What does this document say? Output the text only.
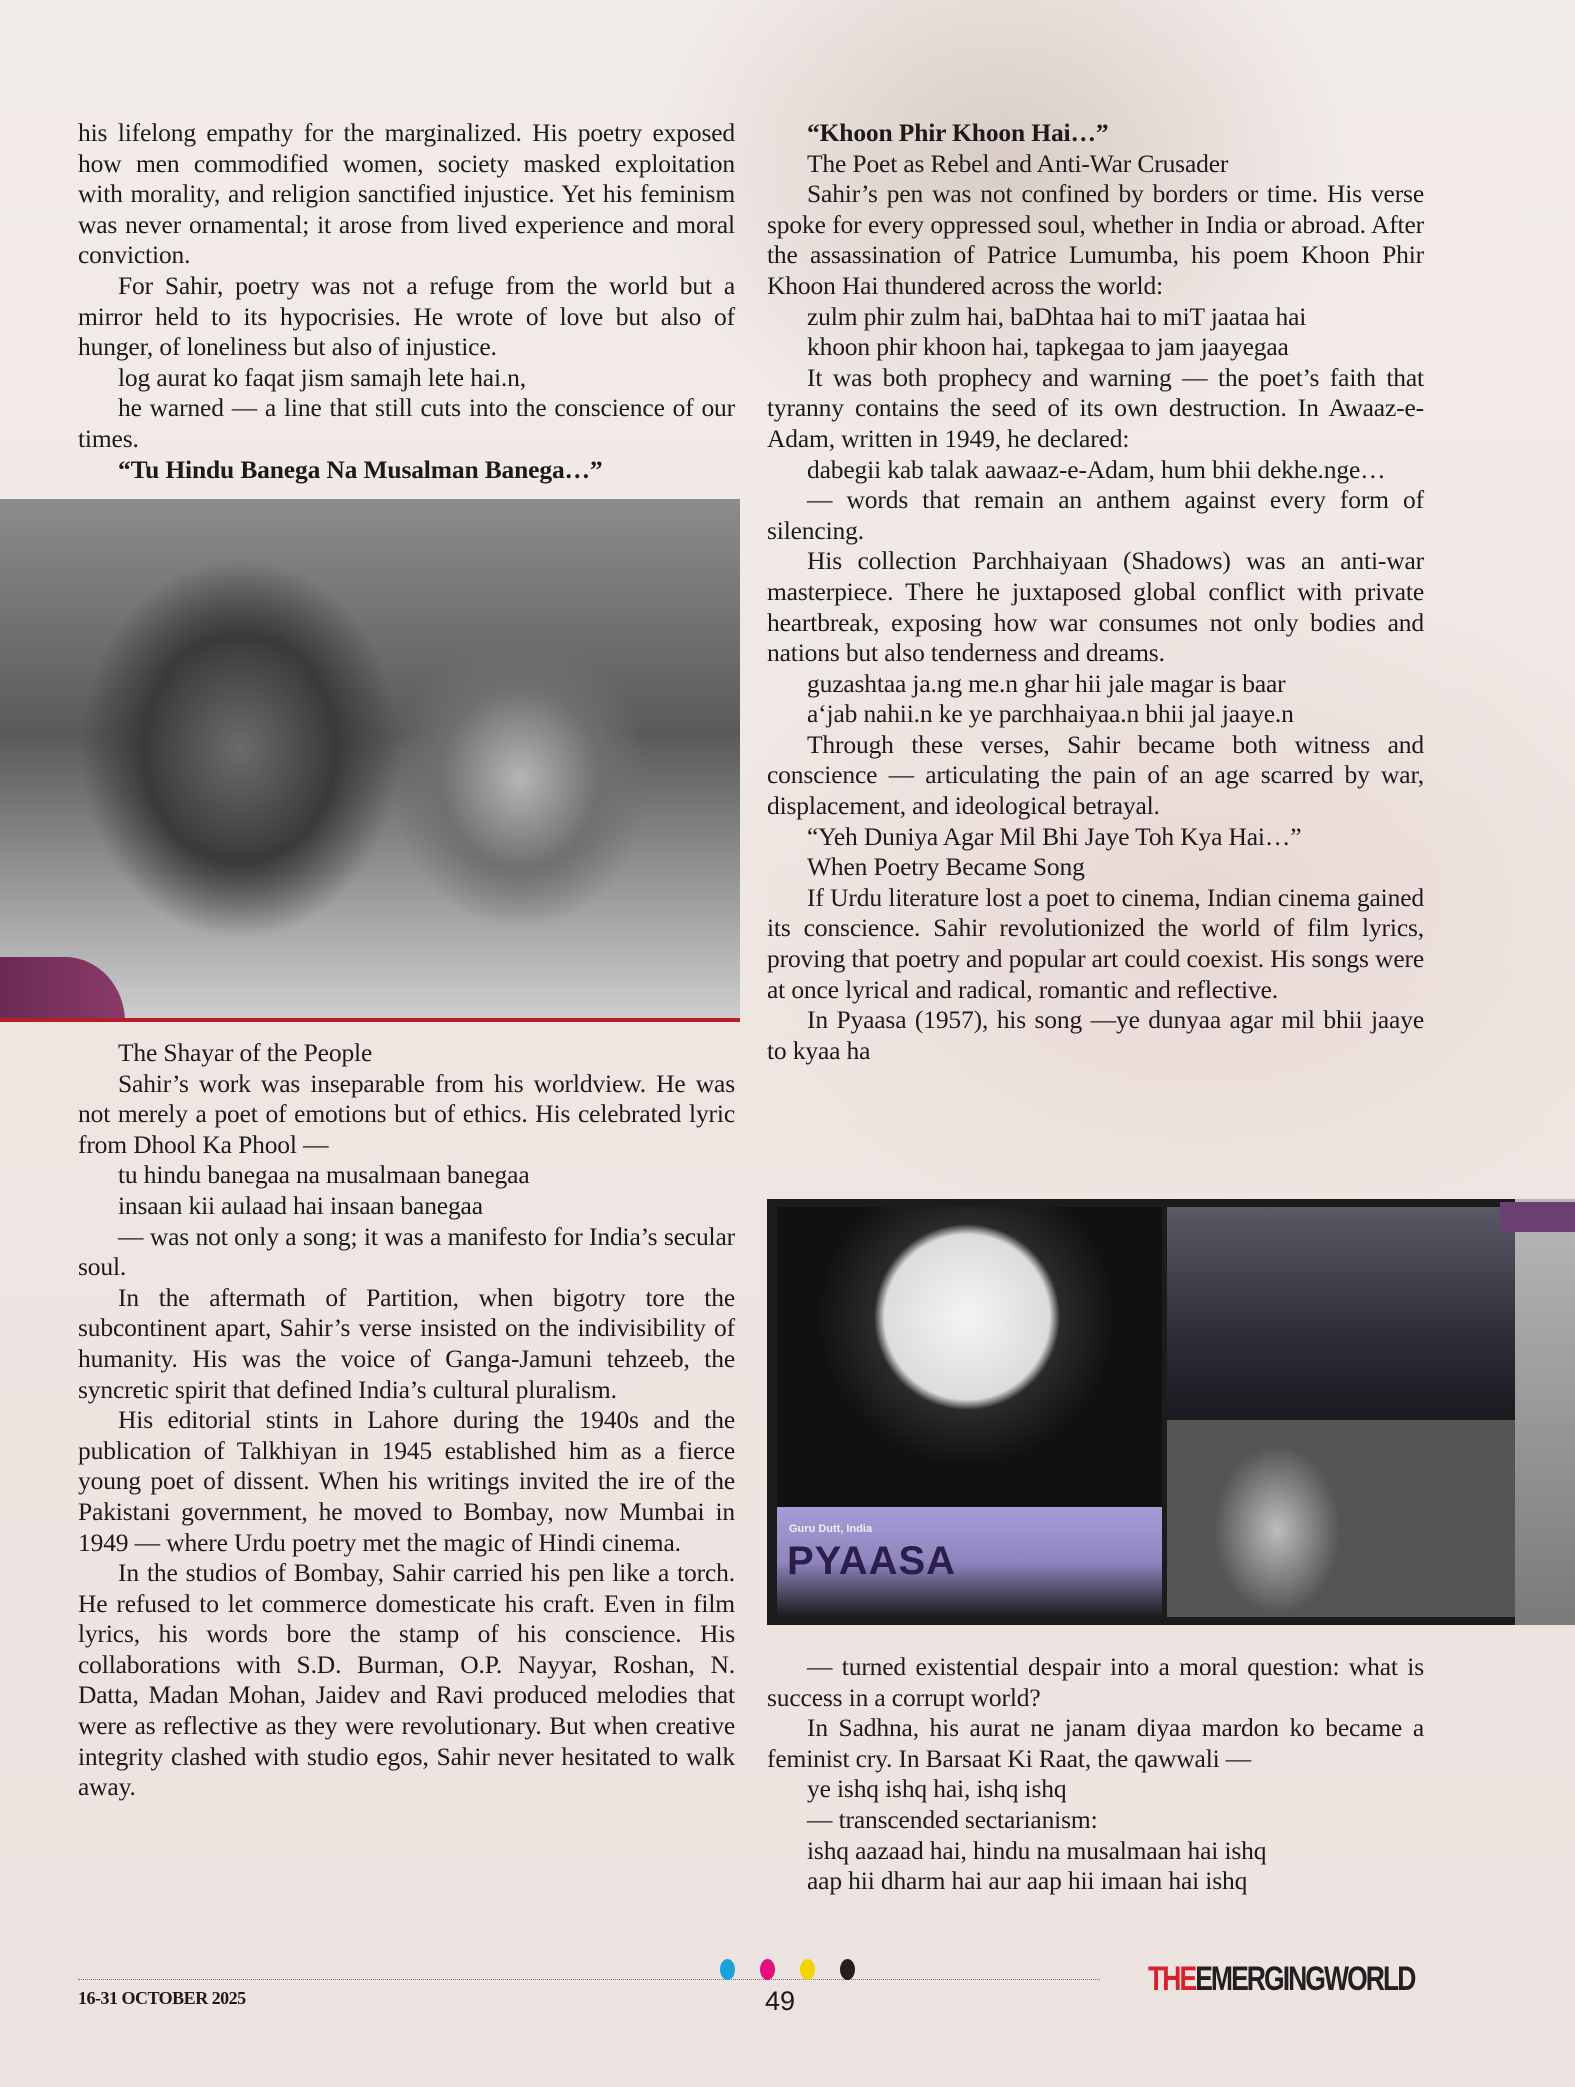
his lifelong empathy for the marginalized. His poetry exposed how men commodified women, society masked exploitation with morality, and religion sanctified injustice. Yet his feminism was never ornamental; it arose from lived experience and moral conviction.
For Sahir, poetry was not a refuge from the world but a mirror held to its hypocrisies. He wrote of love but also of hunger, of loneliness but also of injustice.
log aurat ko faqat jism samajh lete hai.n,
he warned — a line that still cuts into the conscience of our times.
“Tu Hindu Banega Na Musalman Banega…”
The Shayar of the People
Sahir’s work was inseparable from his worldview. He was not merely a poet of emotions but of ethics. His celebrated lyric from Dhool Ka Phool —
tu hindu banegaa na musalmaan banegaa
insaan kii aulaad hai insaan banegaa
— was not only a song; it was a manifesto for India’s secular soul.
In the aftermath of Partition, when bigotry tore the subcontinent apart, Sahir’s verse insisted on the indivisibility of humanity. His was the voice of Ganga-Jamuni tehzeeb, the syncretic spirit that defined India’s cultural pluralism.
His editorial stints in Lahore during the 1940s and the publication of Talkhiyan in 1945 established him as a fierce young poet of dissent. When his writings invited the ire of the Pakistani government, he moved to Bombay, now Mumbai in 1949 — where Urdu poetry met the magic of Hindi cinema.
In the studios of Bombay, Sahir carried his pen like a torch. He refused to let commerce domesticate his craft. Even in film lyrics, his words bore the stamp of his conscience. His collaborations with S.D. Burman, O.P. Nayyar, Roshan, N. Datta, Madan Mohan, Jaidev and Ravi produced melodies that were as reflective as they were revolutionary. But when creative integrity clashed with studio egos, Sahir never hesitated to walk away.
“Khoon Phir Khoon Hai…”
The Poet as Rebel and Anti-War Crusader
Sahir’s pen was not confined by borders or time. His verse spoke for every oppressed soul, whether in India or abroad. After the assassination of Patrice Lumumba, his poem Khoon Phir Khoon Hai thundered across the world:
zulm phir zulm hai, baDhtaa hai to miT jaataa hai
khoon phir khoon hai, tapkegaa to jam jaayegaa
It was both prophecy and warning — the poet’s faith that tyranny contains the seed of its own destruction. In Awaaz-e-Adam, written in 1949, he declared:
dabegii kab talak aawaaz-e-Adam, hum bhii dekhe.nge…
— words that remain an anthem against every form of silencing.
His collection Parchhaiyaan (Shadows) was an anti-war masterpiece. There he juxtaposed global conflict with private heartbreak, exposing how war consumes not only bodies and nations but also tenderness and dreams.
guzashtaa ja.ng me.n ghar hii jale magar is baar
a‘jab nahii.n ke ye parchhaiyaa.n bhii jal jaaye.n
Through these verses, Sahir became both witness and conscience — articulating the pain of an age scarred by war, displacement, and ideological betrayal.
“Yeh Duniya Agar Mil Bhi Jaye Toh Kya Hai…”
When Poetry Became Song
If Urdu literature lost a poet to cinema, Indian cinema gained its conscience. Sahir revolutionized the world of film lyrics, proving that poetry and popular art could coexist. His songs were at once lyrical and radical, romantic and reflective.
In Pyaasa (1957), his song —ye dunyaa agar mil bhii jaaye to kyaa ha
Guru Dutt, India
PYAASA
— turned existential despair into a moral question: what is success in a corrupt world?
In Sadhna, his aurat ne janam diyaa mardon ko became a feminist cry. In Barsaat Ki Raat, the qawwali —
ye ishq ishq hai, ishq ishq
— transcended sectarianism:
ishq aazaad hai, hindu na musalmaan hai ishq
aap hii dharm hai aur aap hii imaan hai ishq
16-31 OCTOBER 2025	49
THEEMERGINGWORLD
